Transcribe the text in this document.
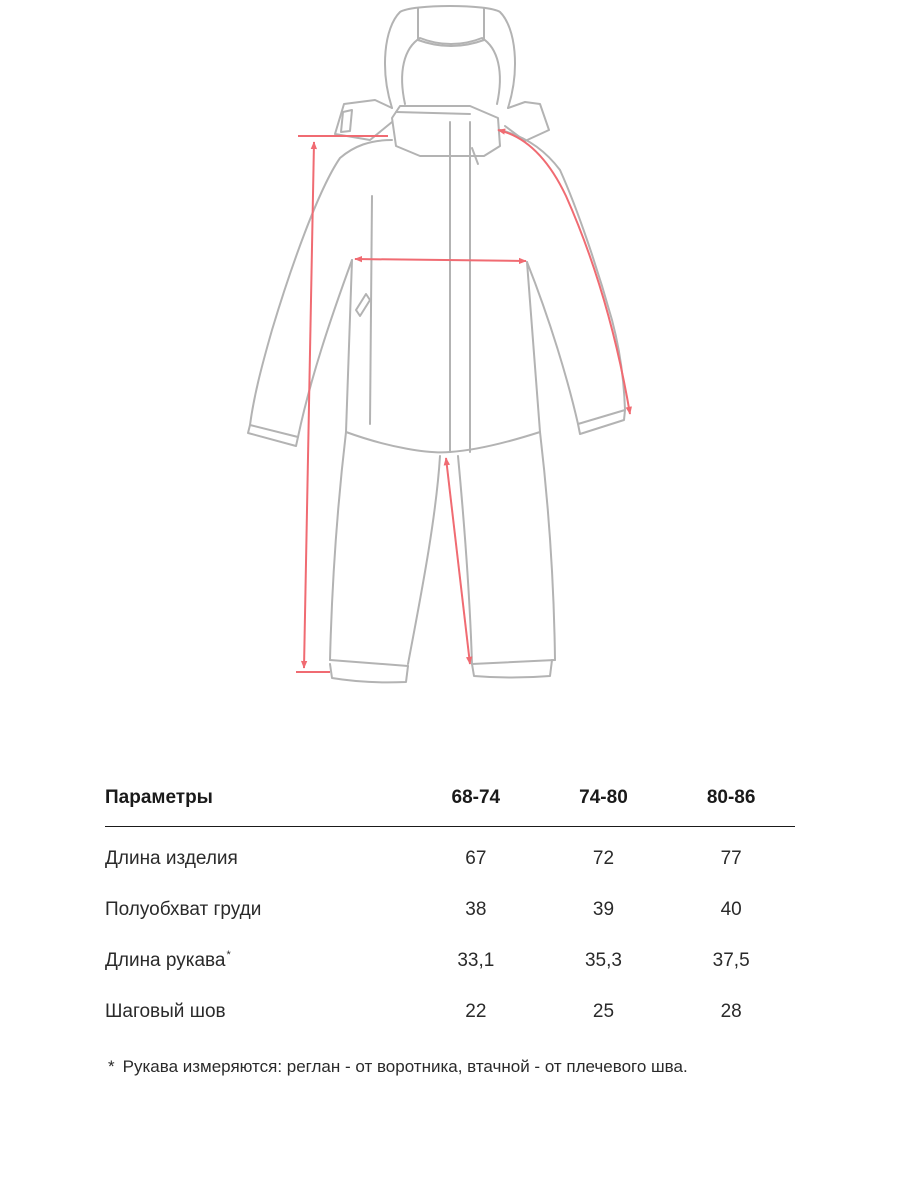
Параметры	68-74	74-80	80-86
Длина изделия	67	72	77
Полуобхват груди	38	39	40
Длина рукава*	33,1	35,3	37,5
Шаговый шов	22	25	28
* Рукава измеряются: реглан - от воротника, втачной - от плечевого шва.
